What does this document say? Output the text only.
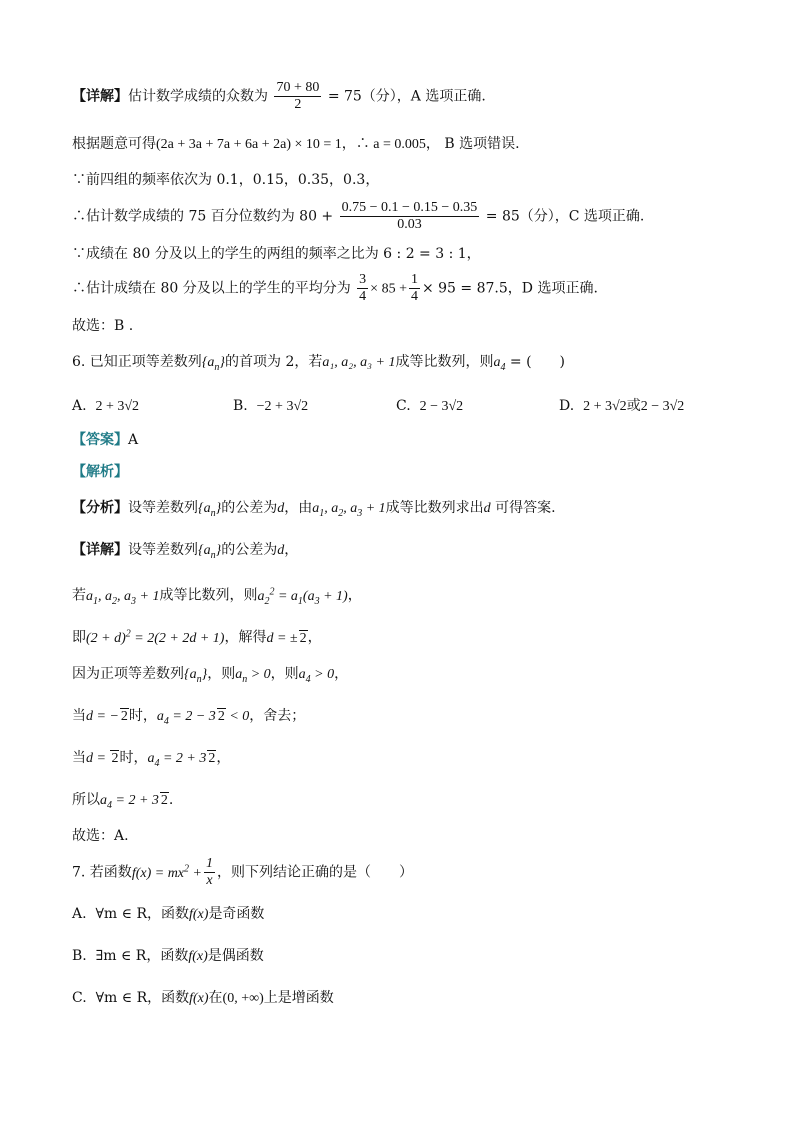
【详解】估计数学成绩的众数为 $\frac{70 + 80}{2} = 75$（分），A 选项正确.
根据题意可得(2a + 3a + 7a + 6a + 2a) × 10 = 1，∴ a = 0.005， B 选项错误.
∵前四组的频率依次为 0.1，0.15，0.35，0.3，
∴估计数学成绩的 75 百分位数约为 $80 + \frac{0.75 - 0.1 - 0.15 - 0.35}{0.03} = 85$（分），C 选项正确.
∵成绩在 80 分及以上的学生的两组的频率之比为 6 : 2 = 3 : 1，
∴估计成绩在 80 分及以上的学生的平均分为 $\frac{3}{4} \times 85 + \frac{1}{4} \times 95 = 87.5$，D 选项正确.
故选：B .
6. 已知正项等差数列$\{a_n\}$的首项为 2，若a₁, a₂, a₃ + 1成等比数列，则$a_4$ = (　　)
A. 2 + 3√2	B. −2 + 3√2	C. 2 − 3√2	D. 2 + 3√2或2 − 3√2
【答案】A
【解析】
【分析】设等差数列$\{a_n\}$的公差为d，由$a_1$, $a_2$, $a_3 + 1$成等比数列求出d 可得答案.
【详解】设等差数列$\{a_n\}$的公差为d，
若$a_1$, $a_2$, $a_3 + 1$成等比数列，则$a_2^2 = a_1(a_3 + 1)$，
即$(2 + d)^2 = 2(2 + 2d + 1)$，解得d = ± 2，
因为正项等差数列$\{a_n\}$，则$a_n > 0$，则$a_4 > 0$，
当d = − 2时，$a_4 = 2 - 3$ 2 < 0，舍去；
当d = 2时，$a_4 = 2 + 3$ 2，
所以$a_4 = 2 + 3$ 2.
故选：A.
7. 若函数$f(x) = mx^2 + \frac{1}{x}$ ，则下列结论正确的是（　　）
A. ∀m ∈ R，函数f(x)是奇函数
B. ∃m ∈ R，函数f(x)是偶函数
C. ∀m ∈ R，函数f(x)在(0, +∞)上是增函数
